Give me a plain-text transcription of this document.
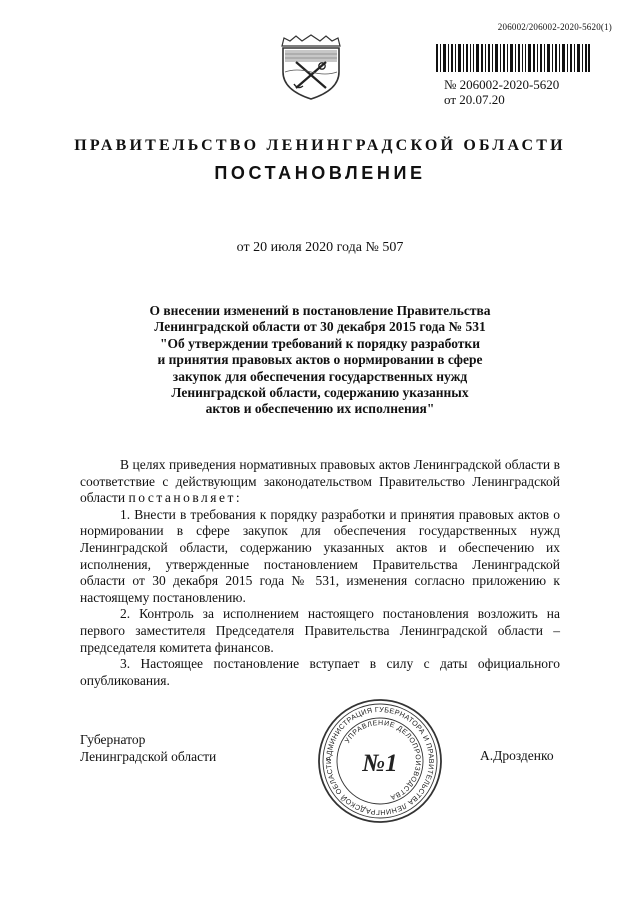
206002/206002-2020-5620(1)
№ 206002-2020-5620
от 20.07.20
ПРАВИТЕЛЬСТВО ЛЕНИНГРАДСКОЙ ОБЛАСТИ
ПОСТАНОВЛЕНИЕ
от 20 июля 2020 года № 507
О внесении изменений в постановление Правительства
Ленинградской области от 30 декабря 2015 года № 531
"Об утверждении требований к порядку разработки
и принятия правовых актов о нормировании в сфере
закупок для обеспечения государственных нужд
Ленинградской области, содержанию указанных
актов и обеспечению их исполнения"

В целях приведения нормативных правовых актов Ленинградской области в соответствие с действующим законодательством Правительство Ленинградской области постановляет:

1. Внести в требования к порядку разработки и принятия правовых актов о нормировании в сфере закупок для обеспечения государственных нужд Ленинградской области, содержанию указанных актов и обеспечению их исполнения, утвержденные постановлением Правительства Ленинградской области от 30 декабря 2015 года № 531, изменения согласно приложению к настоящему постановлению.

2. Контроль за исполнением настоящего постановления возложить на первого заместителя Председателя Правительства Ленинградской области – председателя комитета финансов.

3. Настоящее постановление вступает в силу с даты официального опубликования.

Губернатор
Ленинградской области	А.Дрозденко
АДМИНИСТРАЦИЯ ГУБЕРНАТОРА И ПРАВИТЕЛЬСТВА ЛЕНИНГРАДСКОЙ ОБЛАСТИ
УПРАВЛЕНИЕ ДЕЛОПРОИЗВОДСТВА
№1
